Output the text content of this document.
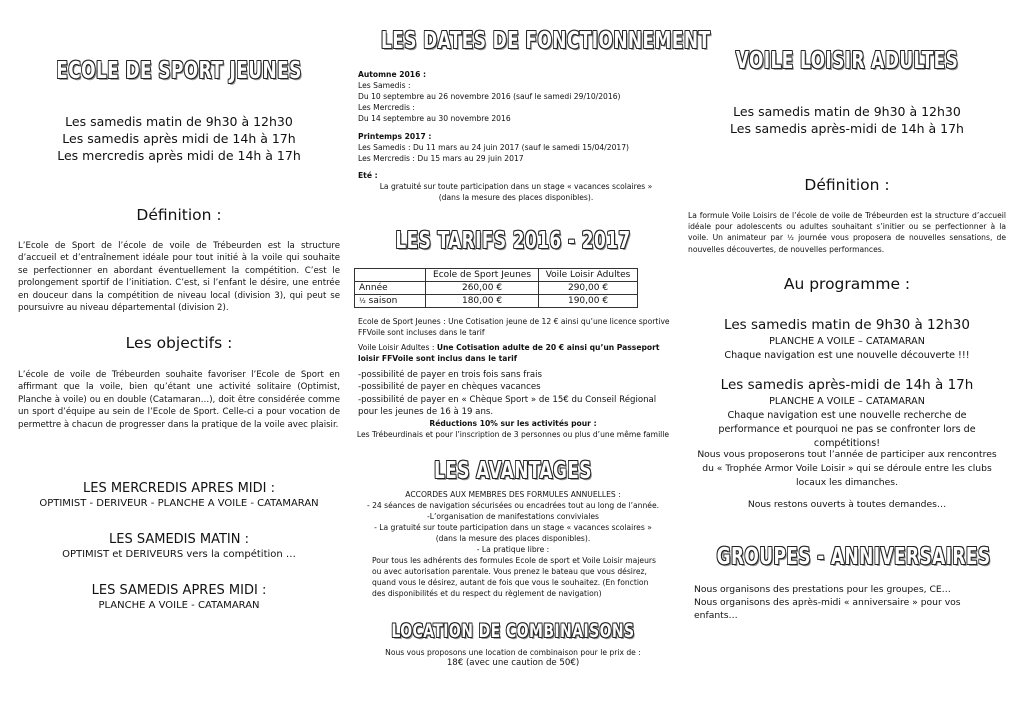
ECOLE DE SPORT JEUNES

Les samedis matin de 9h30 à 12h30

Les samedis après midi de 14h à 17h

Les mercredis après midi de 14h à 17h

Définition :

L’Ecole de Sport de l’école de voile de Trébeurden est la structure d’accueil et d’entraînement idéale pour tout initié à la voile qui souhaite se perfectionner en abordant éventuellement la compétition. C’est le prolongement sportif de l’initiation. C’est, si l’enfant le désire, une entrée en douceur dans la compétition de niveau local (division 3), qui peut se poursuivre au niveau départemental (division 2).

Les objectifs :

L’école de voile de Trébeurden souhaite favoriser l’Ecole de Sport en affirmant que la voile, bien qu’étant une activité solitaire (Optimist, Planche à voile) ou en double (Catamaran…), doit être considérée comme un sport d’équipe au sein de l’Ecole de Sport. Celle-ci a pour vocation de permettre à chacun de progresser dans la pratique de la voile avec plaisir.

LES MERCREDIS APRES MIDI :

OPTIMIST - DERIVEUR - PLANCHE A VOILE - CATAMARAN

LES SAMEDIS MATIN :

OPTIMIST et DERIVEURS vers la compétition …

LES SAMEDIS APRES MIDI :

PLANCHE A VOILE - CATAMARAN

LES DATES DE FONCTIONNEMENT

Automne 2016 :

Les Samedis :

Du 10 septembre au 26 novembre 2016 (sauf le samedi 29/10/2016)

Les Mercredis :

Du 14 septembre au 30 novembre 2016

Printemps 2017 :

Les Samedis : Du 11 mars au 24 juin 2017 (sauf le samedi 15/04/2017)

Les Mercredis : Du 15 mars au 29 juin 2017

Eté :

La gratuité sur toute participation dans un stage « vacances scolaires »

(dans la mesure des places disponibles).

LES TARIFS 2016 - 2017
	Ecole de Sport Jeunes	Voile Loisir Adultes
Année	260,00 €	290,00 €
½ saison	180,00 €	190,00 €

Ecole de Sport Jeunes : Une Cotisation jeune de 12 € ainsi qu’une licence sportive FFVoile sont incluses dans le tarif

Voile Loisir Adultes : Une Cotisation adulte de 20 € ainsi qu’un Passeport loisir FFVoile sont inclus dans le tarif

-possibilité de payer en trois fois sans frais

-possibilité de payer en chèques vacances

-possibilité de payer en « Chèque Sport » de 15€ du Conseil Régional pour les jeunes de 16 à 19 ans.

Réductions 10% sur les activités pour :

Les Trébeurdinais et pour l’inscription de 3 personnes ou plus d’une même famille

LES AVANTAGES

ACCORDES AUX MEMBRES DES FORMULES ANNUELLES :

- 24 séances de navigation sécurisées ou encadrées tout au long de l’année.

-L’organisation de manifestations conviviales

- La gratuité sur toute participation dans un stage « vacances scolaires »

(dans la mesure des places disponibles).

- La pratique libre :

Pour tous les adhérents des formules Ecole de sport et Voile Loisir majeurs ou avec autorisation parentale. Vous prenez le bateau que vous désirez, quand vous le désirez, autant de fois que vous le souhaitez. (En fonction des disponibilités et du respect du règlement de navigation)

LOCATION DE COMBINAISONS

Nous vous proposons une location de combinaison pour le prix de :

18€ (avec une caution de 50€)

VOILE LOISIR ADULTES

Les samedis matin de 9h30 à 12h30

Les samedis après-midi de 14h à 17h

Définition :

La formule Voile Loisirs de l’école de voile de Trébeurden est la structure d’accueil idéale pour adolescents ou adultes souhaitant s’initier ou se perfectionner à la voile. Un animateur par ½ journée vous proposera de nouvelles sensations, de nouvelles découvertes, de nouvelles performances.

Au programme :

Les samedis matin de 9h30 à 12h30

PLANCHE A VOILE – CATAMARAN

Chaque navigation est une nouvelle découverte !!!

Les samedis après-midi de 14h à 17h

PLANCHE A VOILE – CATAMARAN

Chaque navigation est une nouvelle recherche de performance et pourquoi ne pas se confronter lors de compétitions!

Nous vous proposerons tout l’année de participer aux rencontres du « Trophée Armor Voile Loisir » qui se déroule entre les clubs locaux les dimanches.

Nous restons ouverts à toutes demandes…

GROUPES - ANNIVERSAIRES

Nous organisons des prestations pour les groupes, CE…

Nous organisons des après-midi « anniversaire » pour vos enfants…
